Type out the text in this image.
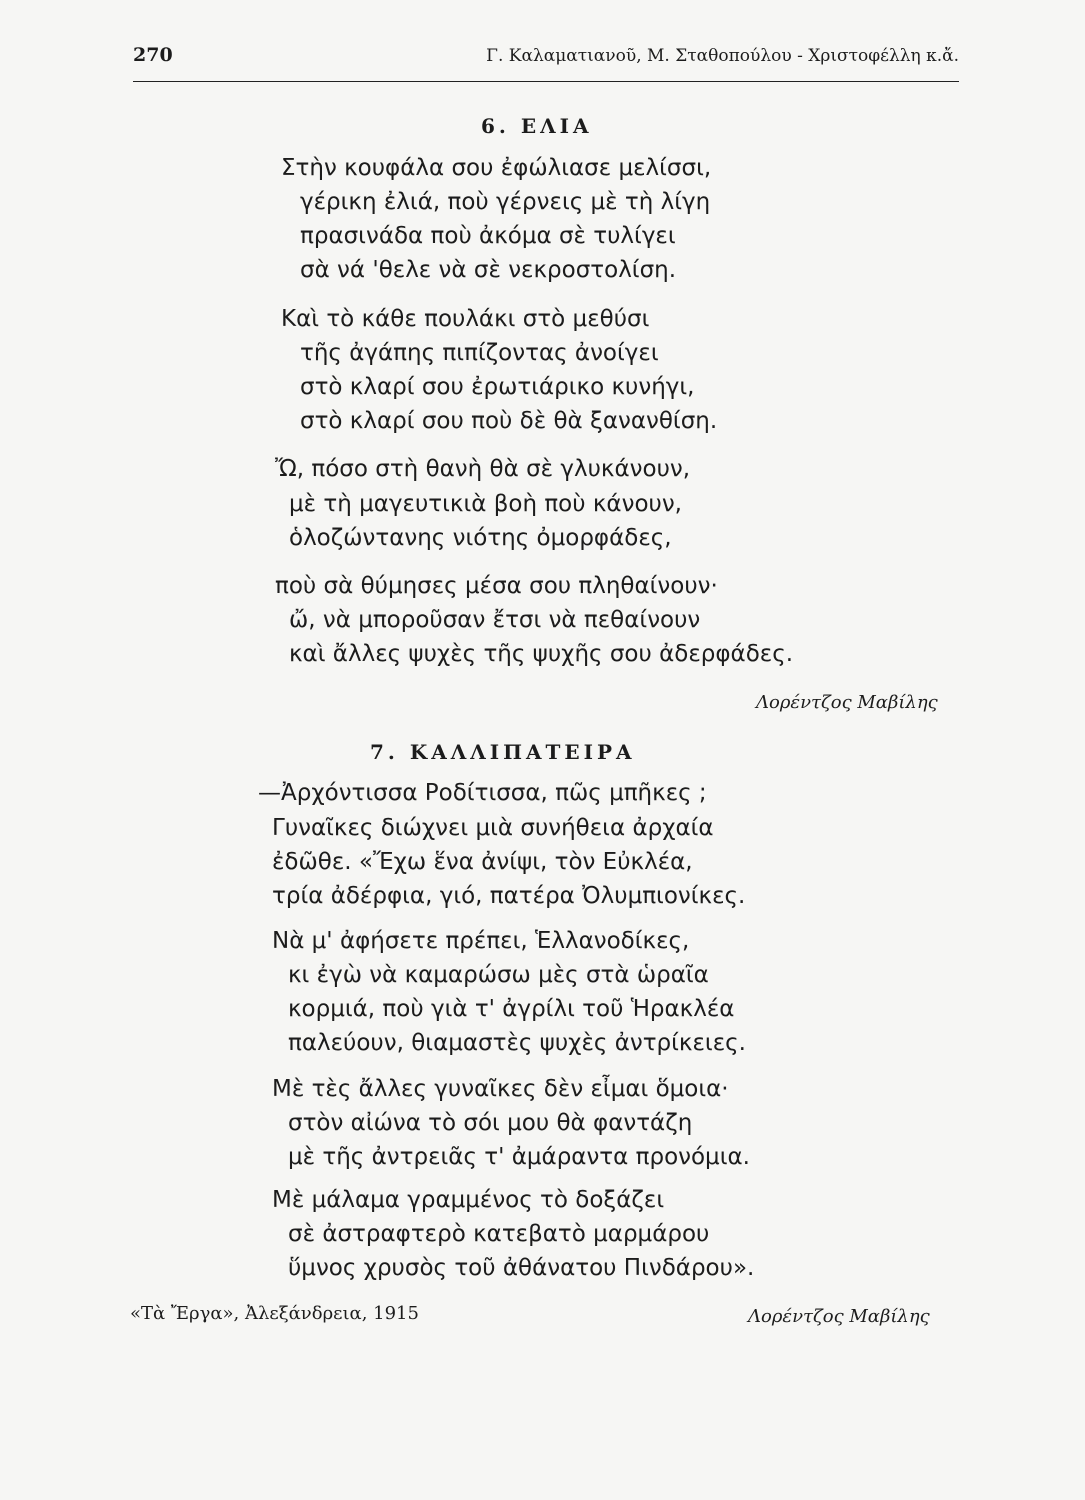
270	Γ. Καλαματιανοῦ, Μ. Σταθοπούλου - Χριστοφέλλη κ.ἄ.
6. ΕΛΙΑ
Στὴν κουφάλα σου ἐφώλιασε μελίσσι,
γέρικη ἐλιά, ποὺ γέρνεις μὲ τὴ λίγη
πρασινάδα ποὺ ἀκόμα σὲ τυλίγει
σὰ νά 'θελε νὰ σὲ νεκροστολίση.
Καὶ τὸ κάθε πουλάκι στὸ μεθύσι
τῆς ἀγάπης πιπίζοντας ἀνοίγει
στὸ κλαρί σου ἐρωτιάρικο κυνήγι,
στὸ κλαρί σου ποὺ δὲ θὰ ξανανθίση.
Ὤ, πόσο στὴ θανὴ θὰ σὲ γλυκάνουν,
μὲ τὴ μαγευτικιὰ βοὴ ποὺ κάνουν,
ὁλοζώντανης νιότης ὀμορφάδες,
ποὺ σὰ θύμησες μέσα σου πληθαίνουν·
ὤ, νὰ μποροῦσαν ἔτσι νὰ πεθαίνουν
καὶ ἄλλες ψυχὲς τῆς ψυχῆς σου ἀδερφάδες.
Λορέντζος Μαβίλης
7. ΚΑΛΛΙΠΑΤΕΙΡΑ
—Ἀρχόντισσα Ροδίτισσα, πῶς μπῆκες ;
Γυναῖκες διώχνει μιὰ συνήθεια ἀρχαία
ἐδῶθε. «Ἔχω ἕνα ἀνίψι, τὸν Εὐκλέα,
τρία ἀδέρφια, γιό, πατέρα Ὀλυμπιονίκες.
Νὰ μ' ἀφήσετε πρέπει, Ἑλλανοδίκες,
κι ἐγὼ νὰ καμαρώσω μὲς στὰ ὡραῖα
κορμιά, ποὺ γιὰ τ' ἀγρίλι τοῦ Ἡρακλέα
παλεύουν, θιαμαστὲς ψυχὲς ἀντρίκειες.
Μὲ τὲς ἄλλες γυναῖκες δὲν εἶμαι ὅμοια·
στὸν αἰώνα τὸ σόι μου θὰ φαντάζη
μὲ τῆς ἀντρειᾶς τ' ἀμάραντα προνόμια.
Μὲ μάλαμα γραμμένος τὸ δοξάζει
σὲ ἀστραφτερὸ κατεβατὸ μαρμάρου
ὕμνος χρυσὸς τοῦ ἀθάνατου Πινδάρου».
«Τὰ Ἔργα», Ἀλεξάνδρεια, 1915	Λορέντζος Μαβίλης
